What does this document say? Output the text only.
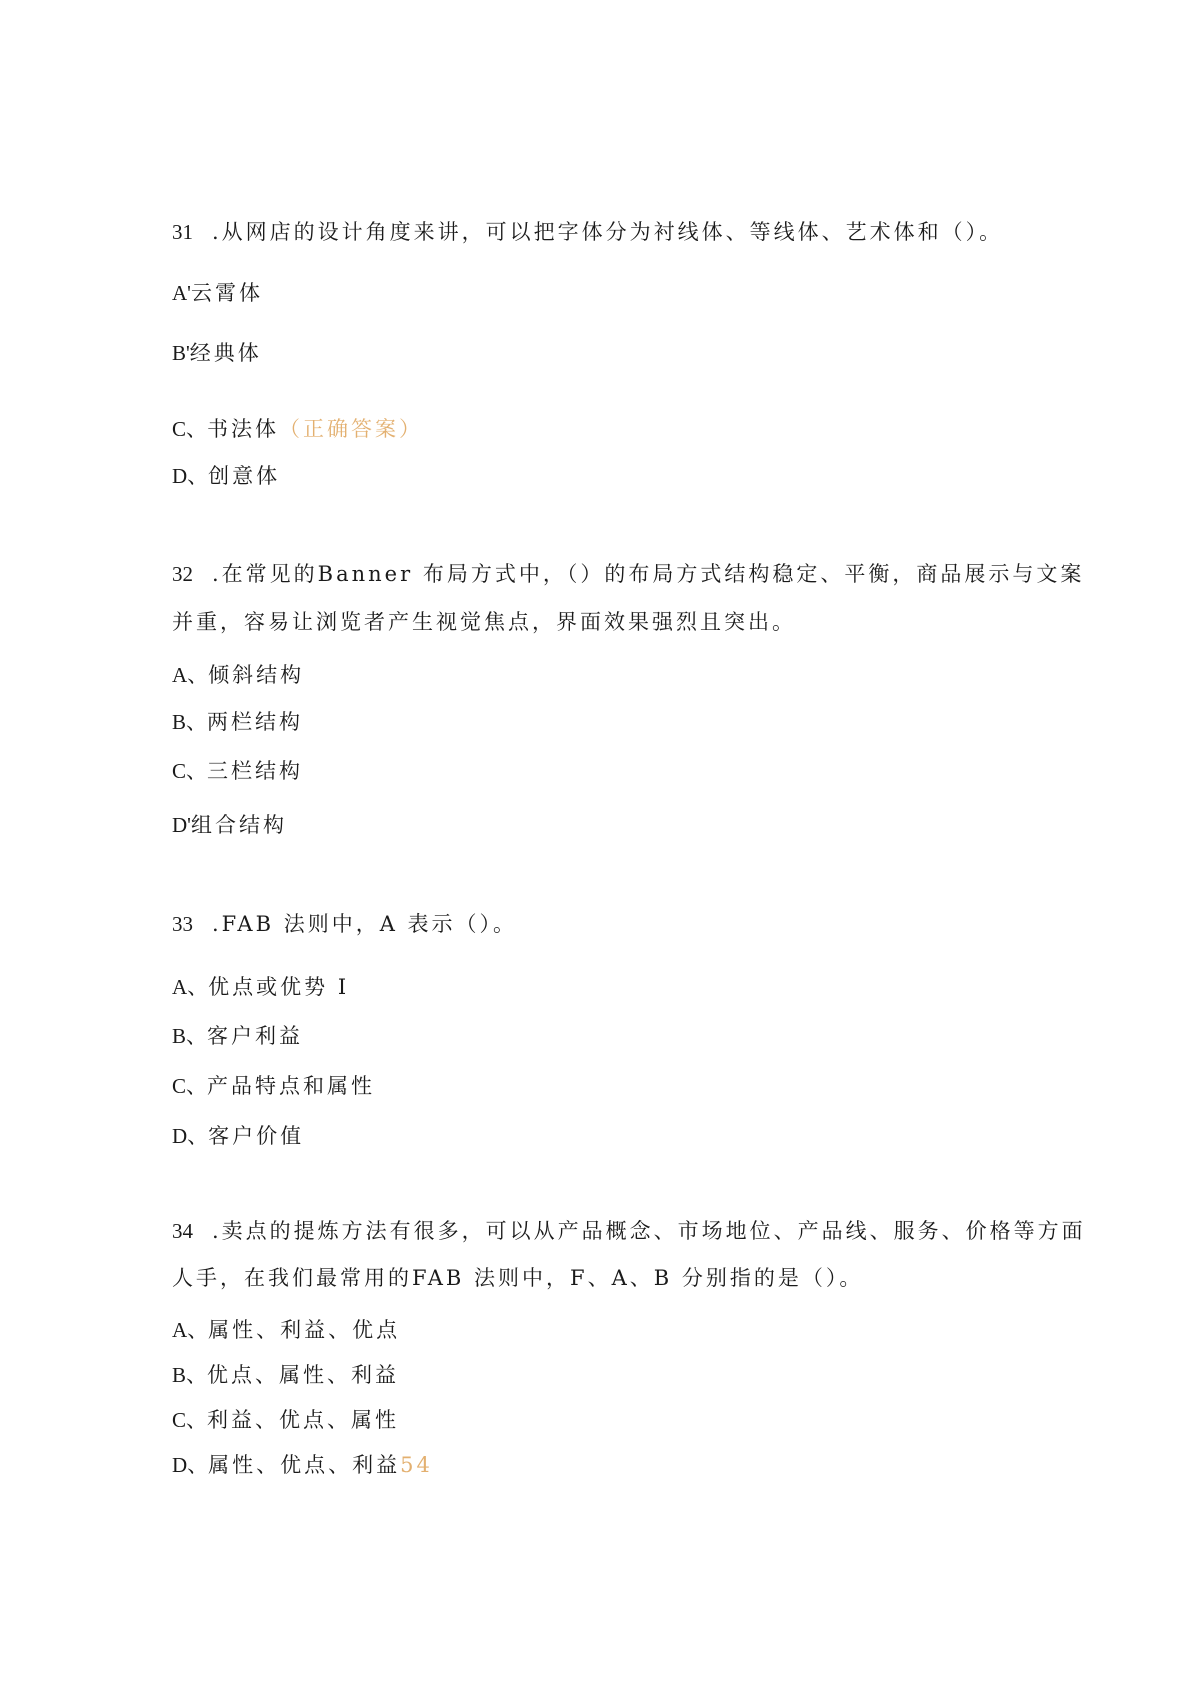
31 .从网店的设计角度来讲，可以把字体分为衬线体、等线体、艺术体和（）。
A'云霄体
B'经典体
C、书法体（正确答案）
D、创意体
32 .在常见的Banner 布局方式中，（）的布局方式结构稳定、平衡，商品展示与文案
并重，容易让浏览者产生视觉焦点，界面效果强烈且突出。
A、倾斜结构
B、两栏结构
C、三栏结构
D'组合结构
33 .FAB 法则中，A 表示（）。
A、优点或优势 I
B、客户利益
C、产品特点和属性
D、客户价值
34 .卖点的提炼方法有很多，可以从产品概念、市场地位、产品线、服务、价格等方面
人手，在我们最常用的FAB 法则中，F、A、B 分别指的是（）。
A、属性、利益、优点
B、优点、属性、利益
C、利益、优点、属性
D、属性、优点、利益54
